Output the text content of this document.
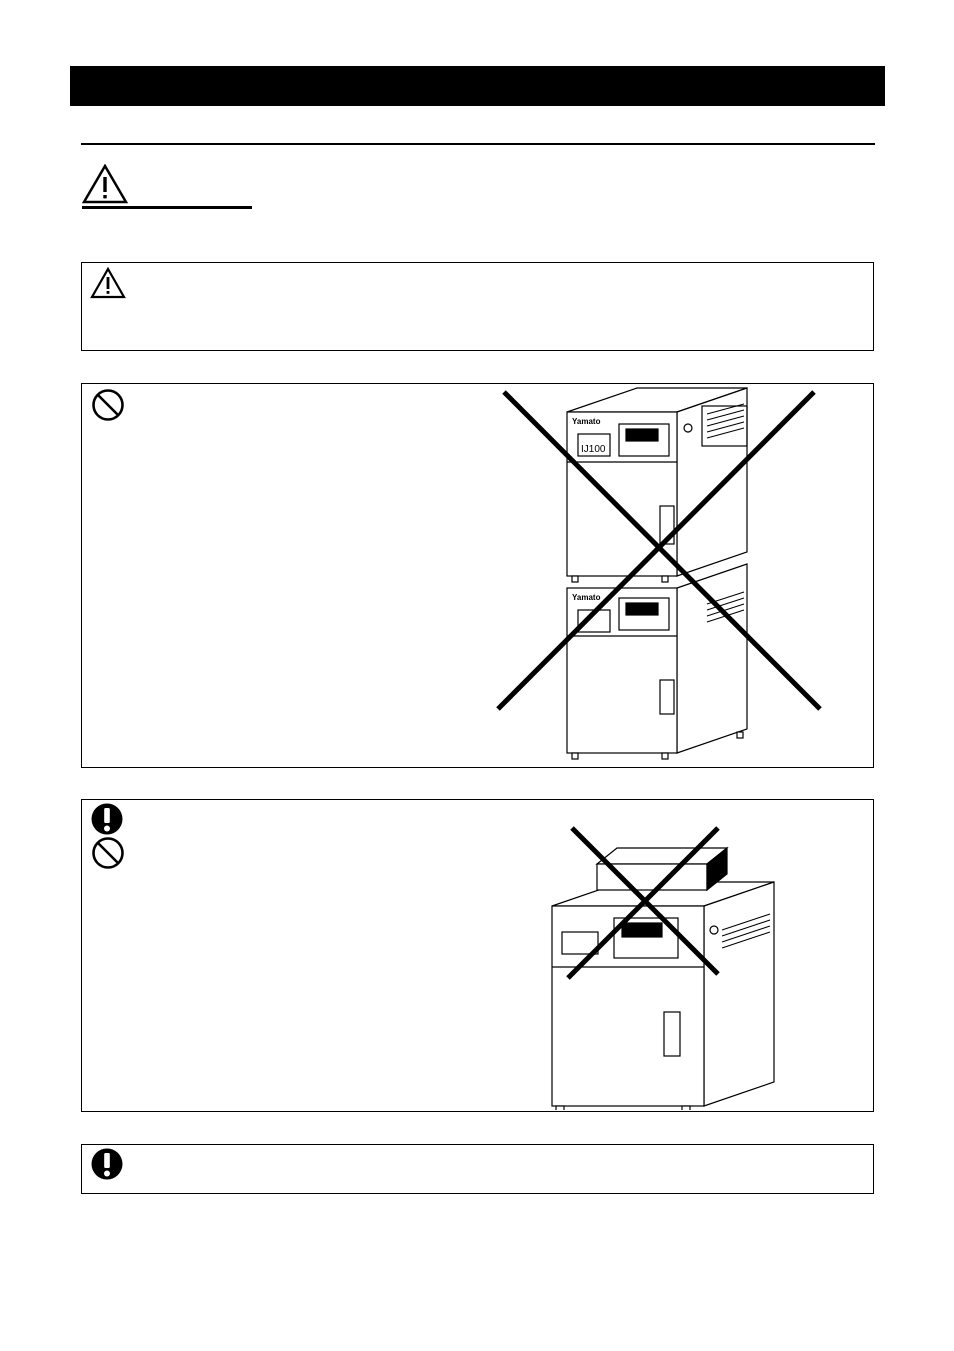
Yamato
IJ100
Yamato
